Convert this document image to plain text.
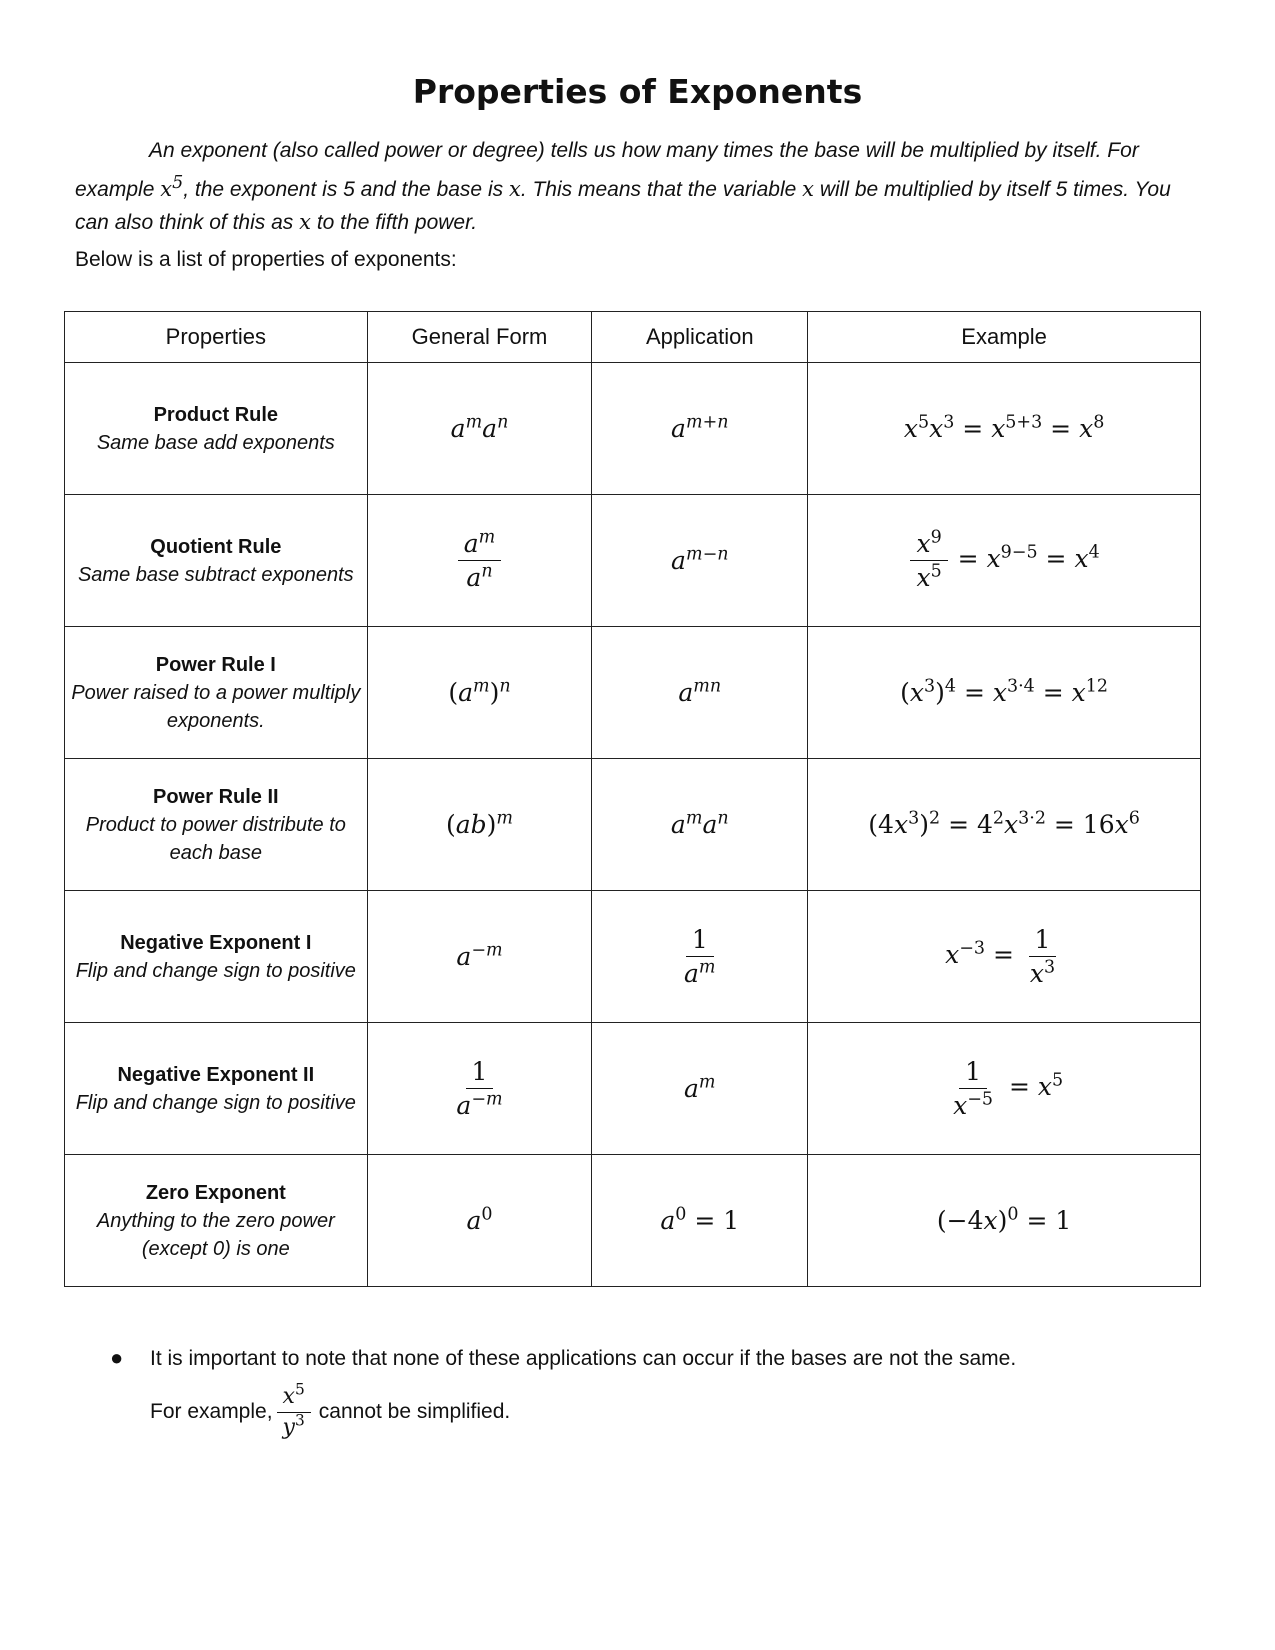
Properties of Exponents
An exponent (also called power or degree) tells us how many times the base will be multiplied by itself. For example $x^5$, the exponent is 5 and the base is x. This means that the variable x will be multiplied by itself 5 times. You can also think of this as x to the fifth power.
Below is a list of properties of exponents:
Properties	General Form	Application	Example

Product Rule
Same base add exponents	$a^ma^n$	$a^{m+n}$	$x^5x^3 = x^{5+3} = x^8$

Quotient Rule
Same base subtract exponents	$\frac{a^m}{a^n}$	$a^{m-n}$	$\frac{x^9}{x^5} = x^{9-5} = x^4$

Power Rule I
Power raised to a power multiply exponents.	$(a^m)^n$	$a^{mn}$	$(x^3)^4 = x^{3\cdot 4} = x^{12}$

Power Rule II
Product to power distribute to each base	(ab)$^m$	$a^ma^n$	$(4x^3)^2 = 4^2x^{3\cdot 2} = 16x^6$

Negative Exponent I
Flip and change sign to positive	$a^{-m}$	$\frac{1}{a^m}$	$x^{-3} = \frac{1}{x^3}$

Negative Exponent II
Flip and change sign to positive	$\frac{1}{a^{-m}}$	$a^m$	$\frac{1}{x^{-5}} = x^5$

Zero Exponent
Anything to the zero power (except 0) is one	$a^0$	$a^0 = 1$	$(-4x)^0 = 1$
● It is important to note that none of these applications can occur if the bases are not the same.
For example, $\frac{x^5}{y^3}$ cannot be simplified.
